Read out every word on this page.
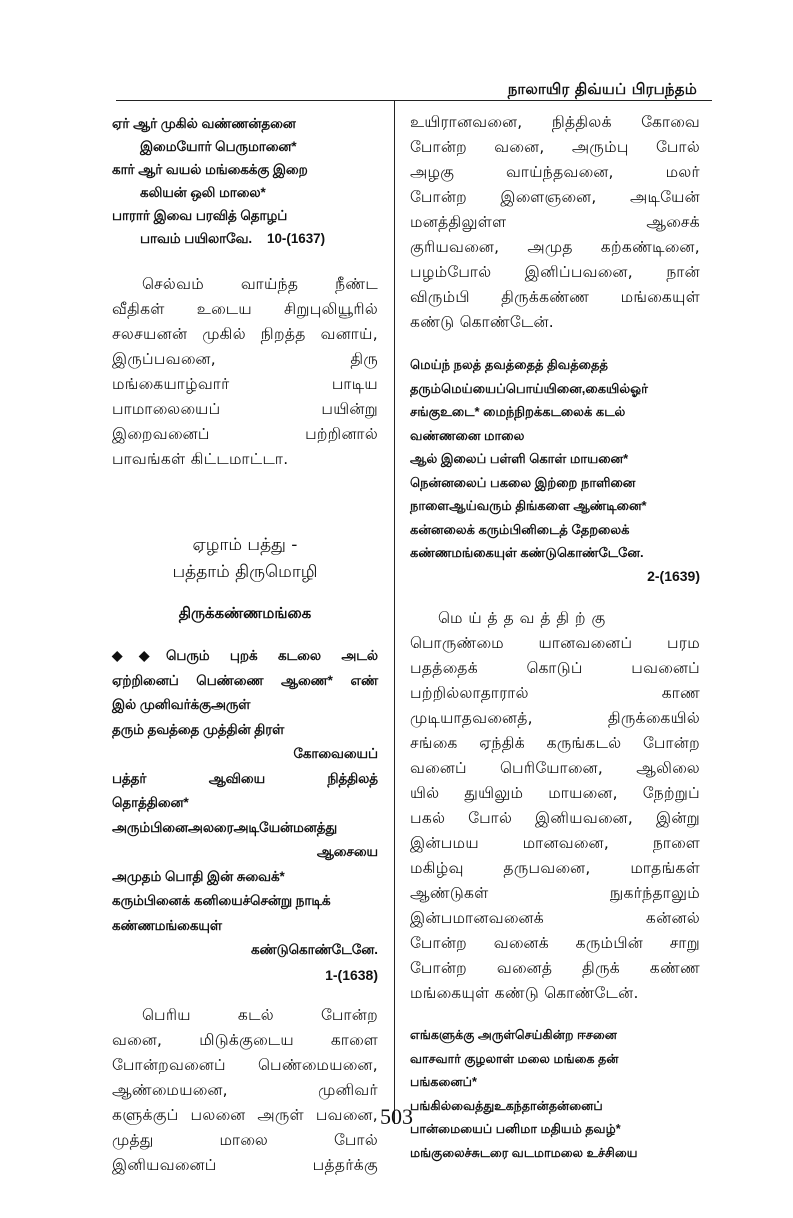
நாலாயிர திவ்யப் பிரபந்தம்
ஏர் ஆர் முகில் வண்ணன்தனை
இமையோர் பெருமானை*
கார் ஆர் வயல் மங்கைக்கு இறை
கலியன் ஒலி மாலை*
பாரார் இவை பரவித் தொழப்
பாவம் பயிலாவே.    10-(1637)
செல்வம் வாய்ந்த நீண்ட
வீதிகள் உடைய சிறுபுலியூரில்
சலசயனன் முகில் நிறத்த வனாய்,
இருப்பவனை, திரு
மங்கையாழ்வார் பாடிய
பாமாலையைப் பயின்று
இறைவனைப் பற்றினால்
பாவங்கள் கிட்டமாட்டா.

ஏழாம் பத்து -

பத்தாம் திருமொழி

திருக்கண்ணமங்கை

◆◆பெரும் புறக் கடலை அடல்
ஏற்றினைப் பெண்ணை ஆணை* எண்
இல் முனிவர்க்குஅருள்
தரும் தவத்தை முத்தின் திரள்
கோவையைப்
பத்தர் ஆவியை நித்திலத்
தொத்தினை*
அரும்பினைஅலரைஅடியேன்மனத்து
ஆசையை
அமுதம் பொதி இன் சுவைக்*
கரும்பினைக் கனியைச்சென்று நாடிக்
கண்ணமங்கையுள்
கண்டுகொண்டேனே.
1-(1638)
பெரிய கடல் போன்ற
வனை, மிடுக்குடைய காளை
போன்றவனைப் பெண்மையனை,
ஆண்மையனை, முனிவர்
களுக்குப் பலனை அருள் பவனை,
முத்து மாலை போல்
இனியவனைப் பத்தர்க்கு
உயிரானவனை, நித்திலக் கோவை
போன்ற வனை, அரும்பு போல்
அழகு வாய்ந்தவனை, மலர்
போன்ற இளைஞனை, அடியேன்
மனத்திலுள்ள ஆசைக்
குரியவனை, அமுத கற்கண்டினை,
பழம்போல் இனிப்பவனை, நான்
விரும்பி திருக்கண்ண மங்கையுள்
கண்டு கொண்டேன்.
மெய்ந் நலத் தவத்தைத் திவத்தைத்
தரும்மெய்யைப்பொய்யினை,கையில்ஓர்
சங்குஉடை* மைந்நிறக்கடலைக் கடல்
வண்ணனை மாலை
ஆல் இலைப் பள்ளி கொள் மாயனை*
நென்னலைப் பகலை இற்றை நாளினை
நாளைஆய்வரும் திங்களை ஆண்டினை*
கன்னலைக் கரும்பினிடைத் தேறலைக்
கண்ணமங்கையுள் கண்டுகொண்டேனே.
2-(1639)
மெய்த்தவத்திற்கு
பொருண்மை யானவனைப் பரம
பதத்தைக் கொடுப் பவனைப்
பற்றில்லாதாரால் காண
முடியாதவனைத், திருக்கையில்
சங்கை ஏந்திக் கருங்கடல் போன்ற
வனைப் பெரியோனை, ஆலிலை
யில் துயிலும் மாயனை, நேற்றுப்
பகல் போல் இனியவனை, இன்று
இன்பமய மானவனை, நாளை
மகிழ்வு தருபவனை, மாதங்கள்
ஆண்டுகள் நுகர்ந்தாலும்
இன்பமானவனைக் கன்னல்
போன்ற வனைக் கரும்பின் சாறு
போன்ற வனைத் திருக் கண்ண
மங்கையுள் கண்டு கொண்டேன்.
எங்களுக்கு அருள்செய்கின்ற ஈசனை
வாசவார் குழலாள் மலை மங்கை தன்
பங்கனைப்*
பங்கில்வைத்துஉகந்தான்தன்னைப்
பான்மையைப் பனிமா மதியம் தவழ்*
மங்குலைச்சுடரை வடமாமலை உச்சியை
503
